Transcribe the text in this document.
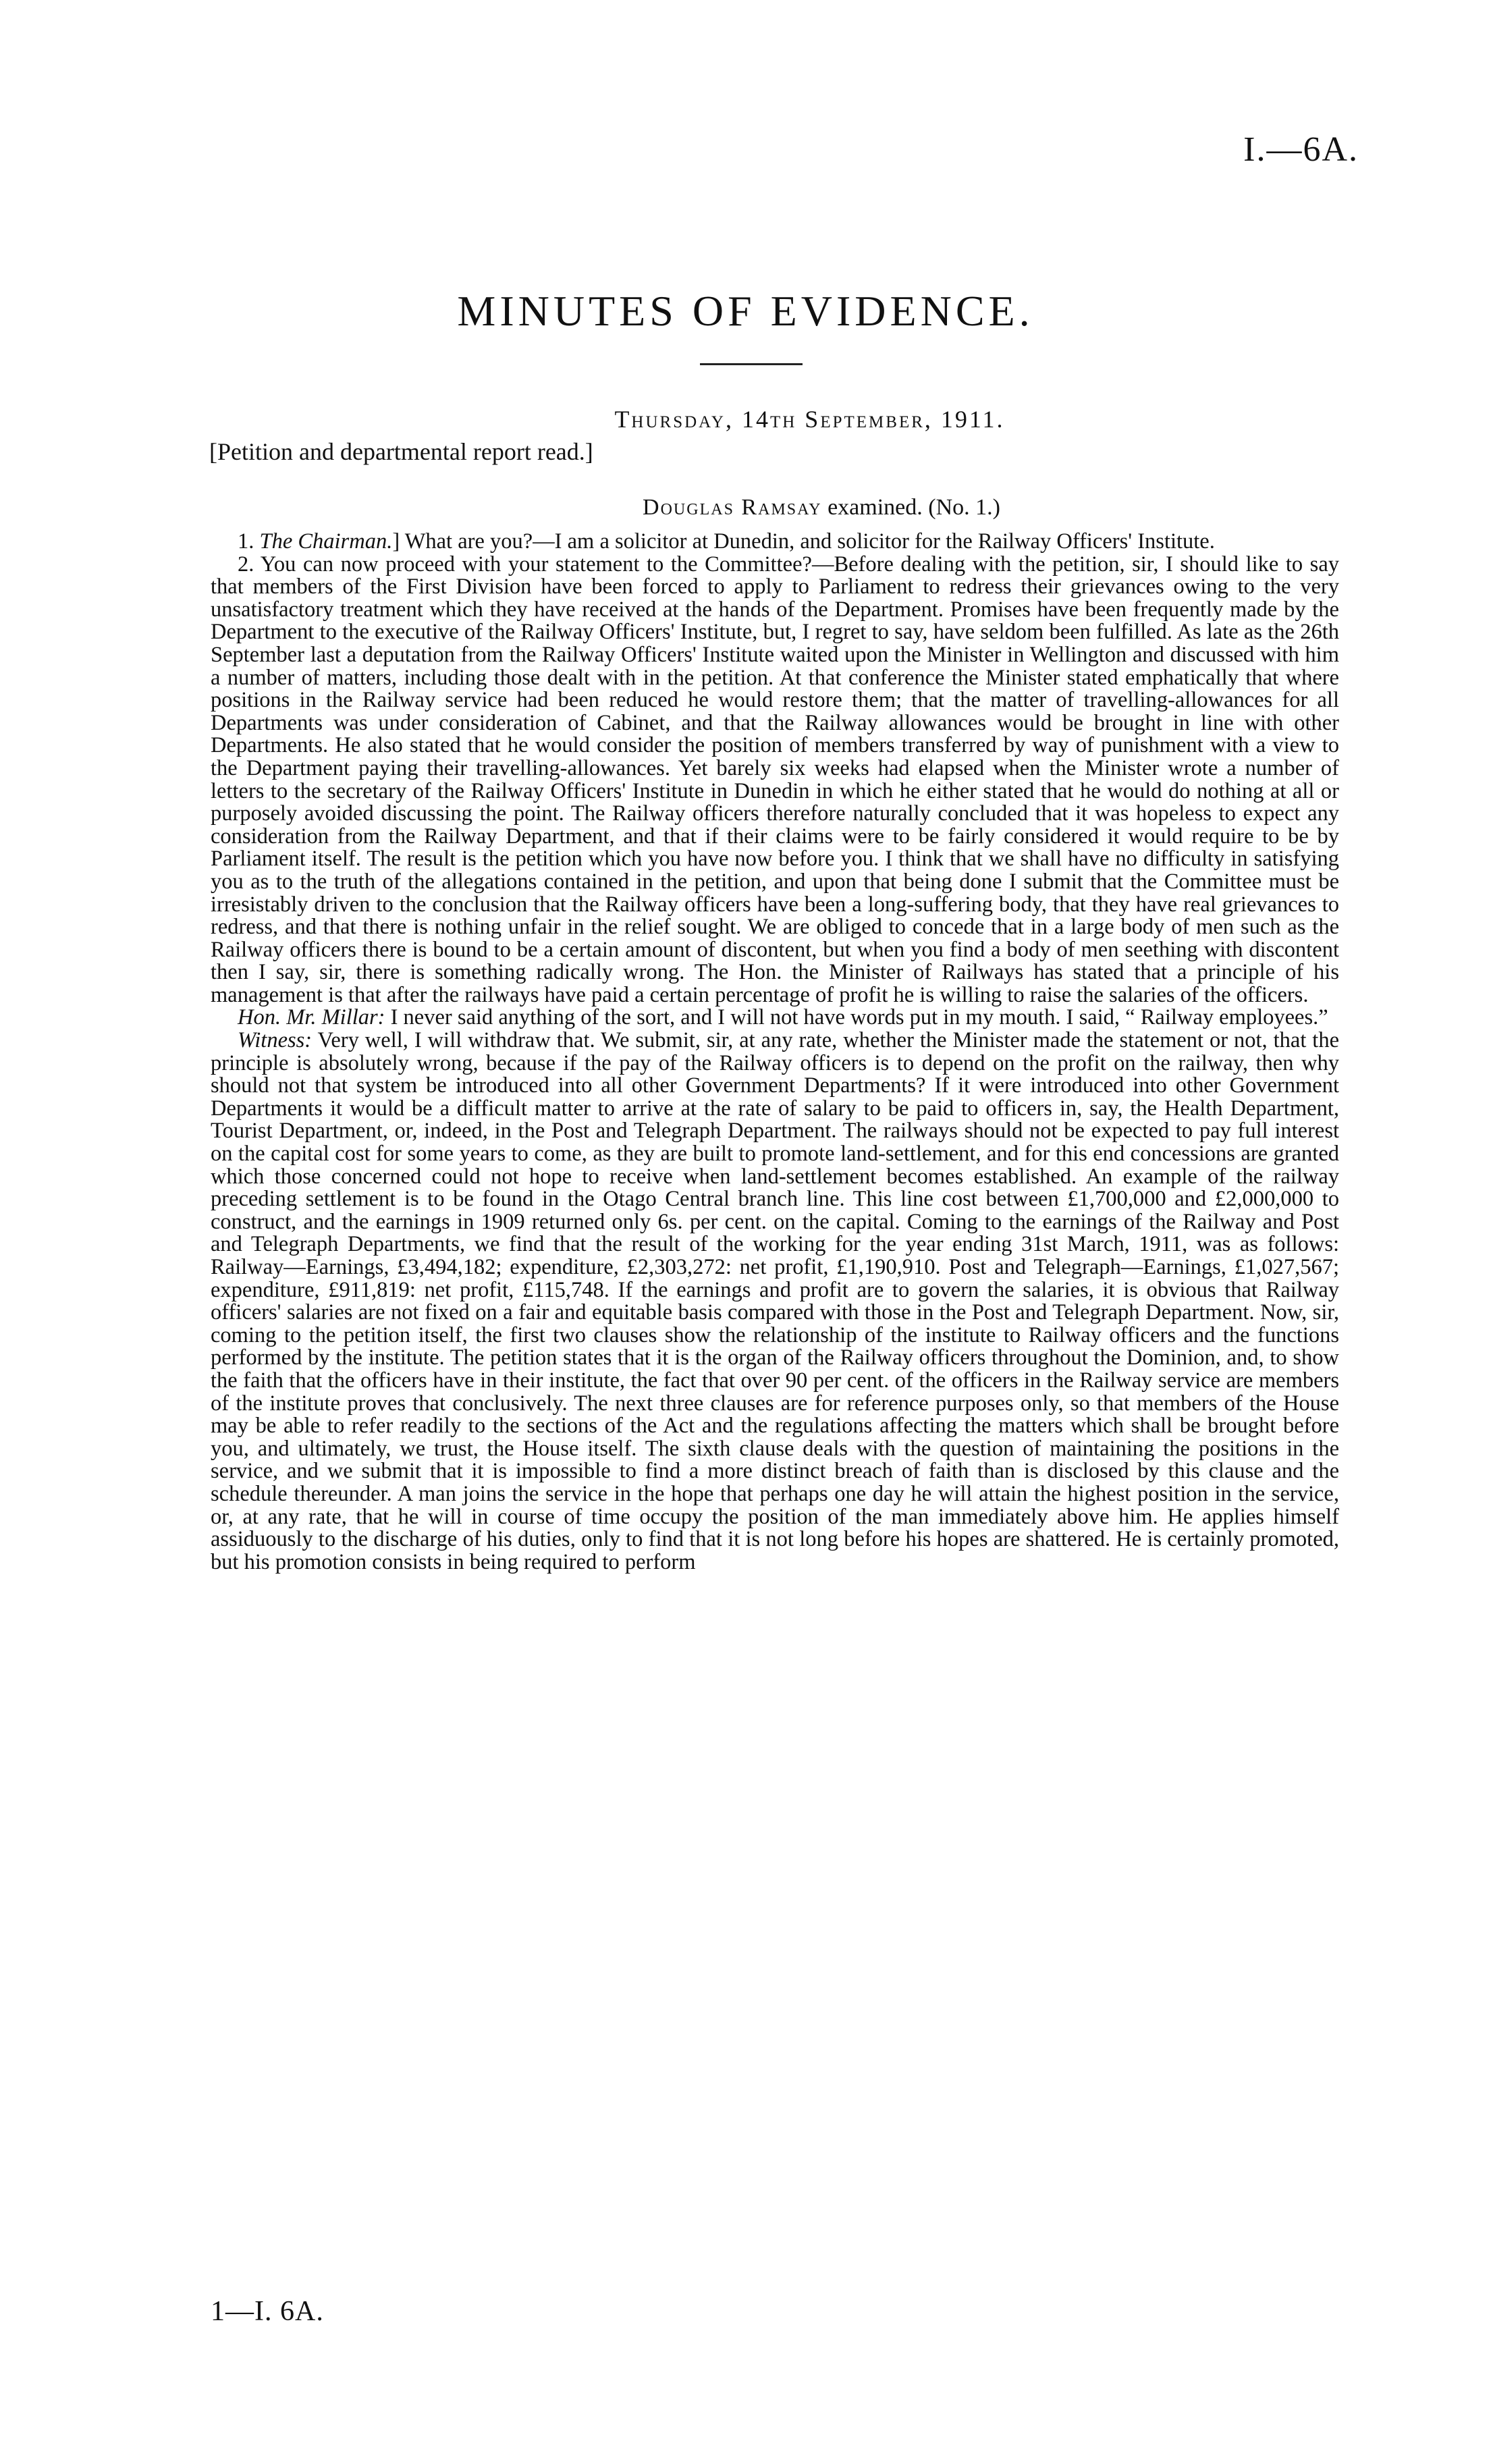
I.—6A.
MINUTES OF EVIDENCE.
Thursday, 14th September, 1911.
[Petition and departmental report read.]
Douglas Ramsay examined. (No. 1.)

1. The Chairman.] What are you?—I am a solicitor at Dunedin, and solicitor for the Railway Officers' Institute.

2. You can now proceed with your statement to the Committee?—Before dealing with the petition, sir, I should like to say that members of the First Division have been forced to apply to Parliament to redress their grievances owing to the very unsatisfactory treatment which they have received at the hands of the Department. Promises have been frequently made by the Department to the executive of the Railway Officers' Institute, but, I regret to say, have seldom been fulfilled. As late as the 26th September last a deputation from the Railway Officers' Institute waited upon the Minister in Wellington and discussed with him a number of matters, including those dealt with in the petition. At that conference the Minister stated emphatically that where positions in the Railway service had been reduced he would restore them; that the matter of travelling-allowances for all Departments was under consideration of Cabinet, and that the Railway allowances would be brought in line with other Departments. He also stated that he would consider the position of members transferred by way of punishment with a view to the Department paying their travelling-allowances. Yet barely six weeks had elapsed when the Minister wrote a number of letters to the secretary of the Railway Officers' Institute in Dunedin in which he either stated that he would do nothing at all or purposely avoided discussing the point. The Railway officers therefore naturally concluded that it was hopeless to expect any consideration from the Railway Department, and that if their claims were to be fairly considered it would require to be by Parliament itself. The result is the petition which you have now before you. I think that we shall have no difficulty in satisfying you as to the truth of the allegations contained in the petition, and upon that being done I submit that the Committee must be irresistably driven to the conclusion that the Railway officers have been a long-suffering body, that they have real grievances to redress, and that there is nothing unfair in the relief sought. We are obliged to concede that in a large body of men such as the Railway officers there is bound to be a certain amount of discontent, but when you find a body of men seething with discontent then I say, sir, there is something radically wrong. The Hon. the Minister of Railways has stated that a principle of his management is that after the railways have paid a certain percentage of profit he is willing to raise the salaries of the officers.

Hon. Mr. Millar: I never said anything of the sort, and I will not have words put in my mouth. I said, “ Railway employees.”

Witness: Very well, I will withdraw that. We submit, sir, at any rate, whether the Minister made the statement or not, that the principle is absolutely wrong, because if the pay of the Railway officers is to depend on the profit on the railway, then why should not that system be introduced into all other Government Departments? If it were introduced into other Government Departments it would be a difficult matter to arrive at the rate of salary to be paid to officers in, say, the Health Department, Tourist Department, or, indeed, in the Post and Telegraph Department. The railways should not be expected to pay full interest on the capital cost for some years to come, as they are built to promote land-settlement, and for this end concessions are granted which those concerned could not hope to receive when land-settlement becomes established. An example of the railway preceding settlement is to be found in the Otago Central branch line. This line cost between £1,700,000 and £2,000,000 to construct, and the earnings in 1909 returned only 6s. per cent. on the capital. Coming to the earnings of the Railway and Post and Telegraph Departments, we find that the result of the working for the year ending 31st March, 1911, was as follows: Railway—Earnings, £3,494,182; expenditure, £2,303,272: net profit, £1,190,910. Post and Telegraph—Earnings, £1,027,567; expenditure, £911,819: net profit, £115,748. If the earnings and profit are to govern the salaries, it is obvious that Railway officers' salaries are not fixed on a fair and equitable basis compared with those in the Post and Telegraph Department. Now, sir, coming to the petition itself, the first two clauses show the relationship of the institute to Railway officers and the functions performed by the institute. The petition states that it is the organ of the Railway officers throughout the Dominion, and, to show the faith that the officers have in their institute, the fact that over 90 per cent. of the officers in the Railway service are members of the institute proves that conclusively. The next three clauses are for reference purposes only, so that members of the House may be able to refer readily to the sections of the Act and the regulations affecting the matters which shall be brought before you, and ultimately, we trust, the House itself. The sixth clause deals with the question of maintaining the positions in the service, and we submit that it is impossible to find a more distinct breach of faith than is disclosed by this clause and the schedule thereunder. A man joins the service in the hope that perhaps one day he will attain the highest position in the service, or, at any rate, that he will in course of time occupy the position of the man immediately above him. He applies himself assiduously to the discharge of his duties, only to find that it is not long before his hopes are shattered. He is certainly promoted, but his promotion consists in being required to perform

1—I. 6A.
